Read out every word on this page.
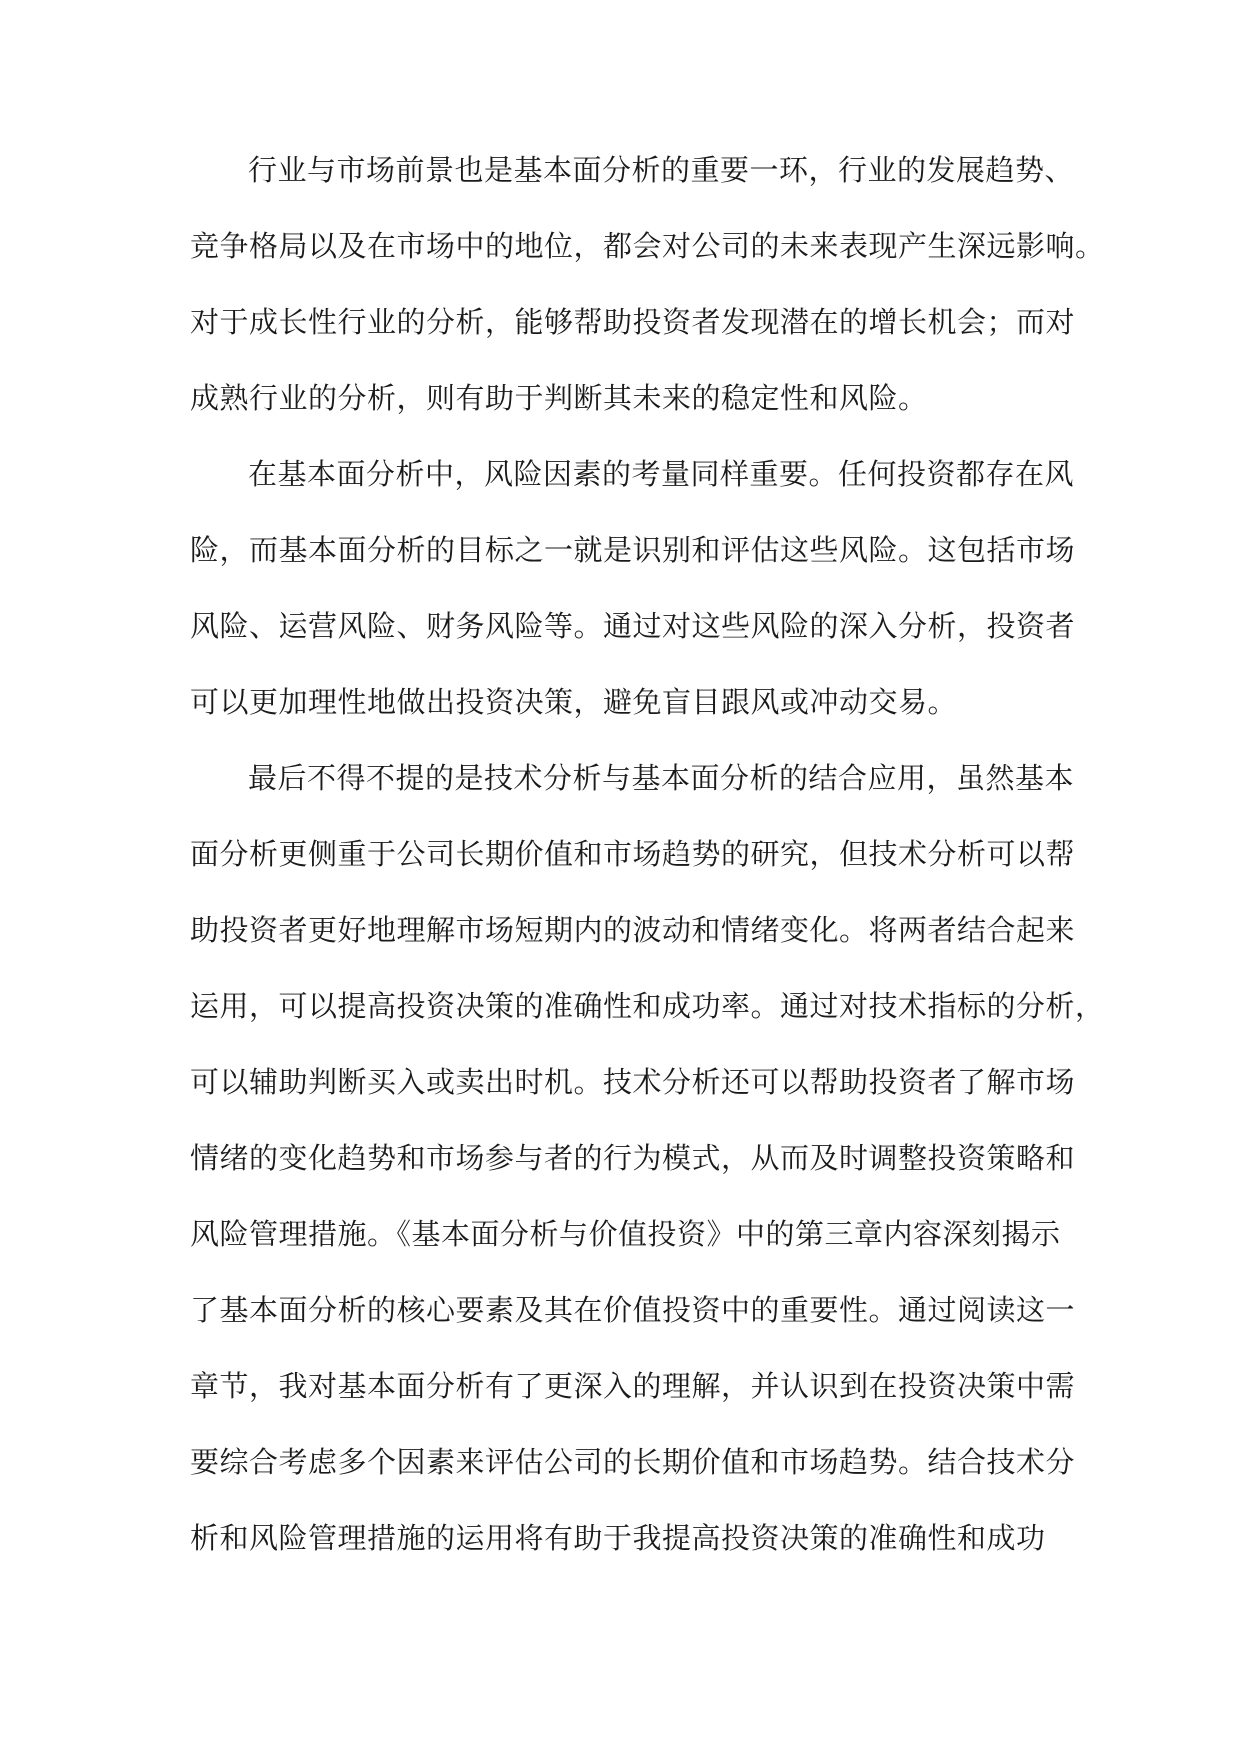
行业与市场前景也是基本面分析的重要一环，行业的发展趋势、
竞争格局以及在市场中的地位，都会对公司的未来表现产生深远影响。
对于成长性行业的分析，能够帮助投资者发现潜在的增长机会；而对
成熟行业的分析，则有助于判断其未来的稳定性和风险。
在基本面分析中，风险因素的考量同样重要。任何投资都存在风
险，而基本面分析的目标之一就是识别和评估这些风险。这包括市场
风险、运营风险、财务风险等。通过对这些风险的深入分析，投资者
可以更加理性地做出投资决策，避免盲目跟风或冲动交易。
最后不得不提的是技术分析与基本面分析的结合应用，虽然基本
面分析更侧重于公司长期价值和市场趋势的研究，但技术分析可以帮
助投资者更好地理解市场短期内的波动和情绪变化。将两者结合起来
运用，可以提高投资决策的准确性和成功率。通过对技术指标的分析，
可以辅助判断买入或卖出时机。技术分析还可以帮助投资者了解市场
情绪的变化趋势和市场参与者的行为模式，从而及时调整投资策略和
风险管理措施。《基本面分析与价值投资》中的第三章内容深刻揭示
了基本面分析的核心要素及其在价值投资中的重要性。通过阅读这一
章节，我对基本面分析有了更深入的理解，并认识到在投资决策中需
要综合考虑多个因素来评估公司的长期价值和市场趋势。结合技术分
析和风险管理措施的运用将有助于我提高投资决策的准确性和成功
